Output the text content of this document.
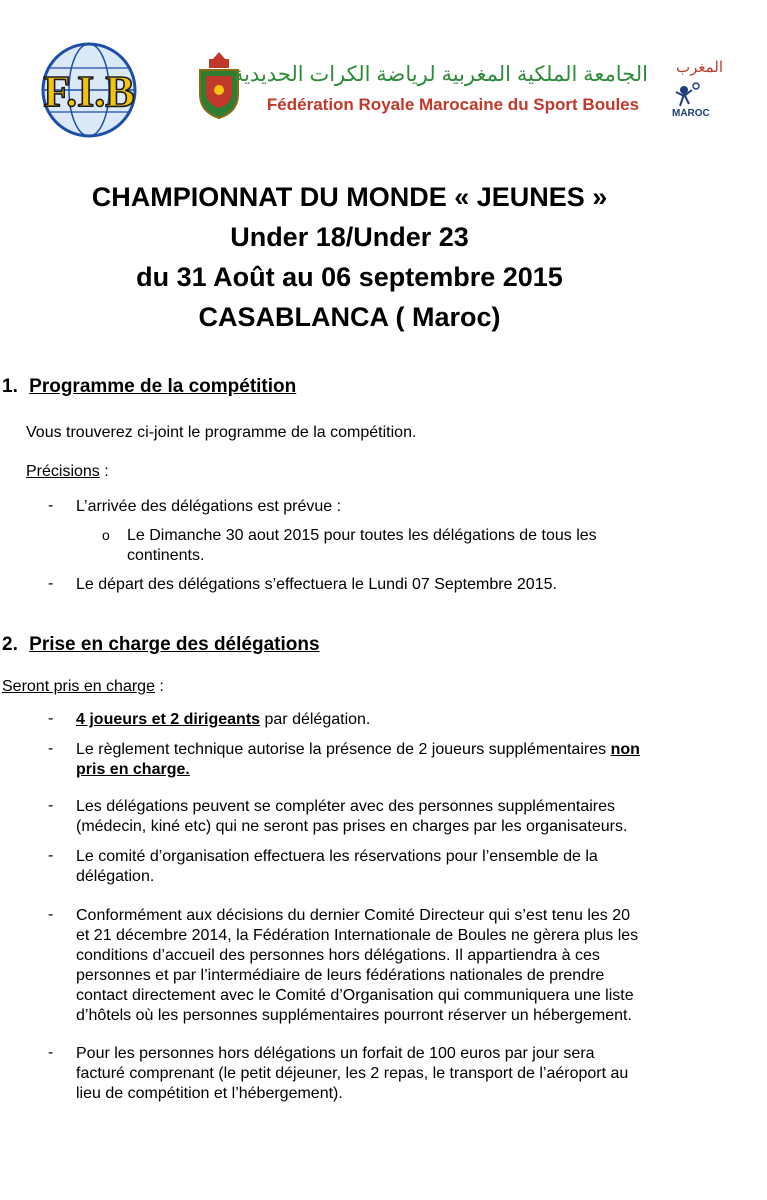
F.I.B	الجامعة الملكية المغربية لرياضة الكرات الحديدية
Fédération Royale Marocaine du Sport Boules
المغرب
MAROC
CHAMPIONNAT DU MONDE « JEUNES »
Under 18/Under 23
du 31 Août au 06 septembre 2015
CASABLANCA ( Maroc)
1. Programme de la compétition
Vous trouverez ci-joint le programme de la compétition.
Précisions :
- L’arrivée des délégations est prévue :
o Le Dimanche 30 aout 2015 pour toutes les délégations de tous les
continents.
- Le départ des délégations s’effectuera le Lundi 07 Septembre 2015.
2. Prise en charge des délégations
Seront pris en charge :
- 4 joueurs et 2 dirigeants par délégation.
- Le règlement technique autorise la présence de 2 joueurs supplémentaires non
pris en charge.
- Les délégations peuvent se compléter avec des personnes supplémentaires
(médecin, kiné etc) qui ne seront pas prises en charges par les organisateurs.
- Le comité d’organisation effectuera les réservations pour l’ensemble de la
délégation.
- Conformément aux décisions du dernier Comité Directeur qui s’est tenu les 20
et 21 décembre 2014, la Fédération Internationale de Boules ne gèrera plus les
conditions d’accueil des personnes hors délégations. Il appartiendra à ces
personnes et par l’intermédiaire de leurs fédérations nationales de prendre
contact directement avec le Comité d’Organisation qui communiquera une liste
d’hôtels où les personnes supplémentaires pourront réserver un hébergement.
- Pour les personnes hors délégations un forfait de 100 euros par jour sera
facturé comprenant (le petit déjeuner, les 2 repas, le transport de l’aéroport au
lieu de compétition et l’hébergement).
